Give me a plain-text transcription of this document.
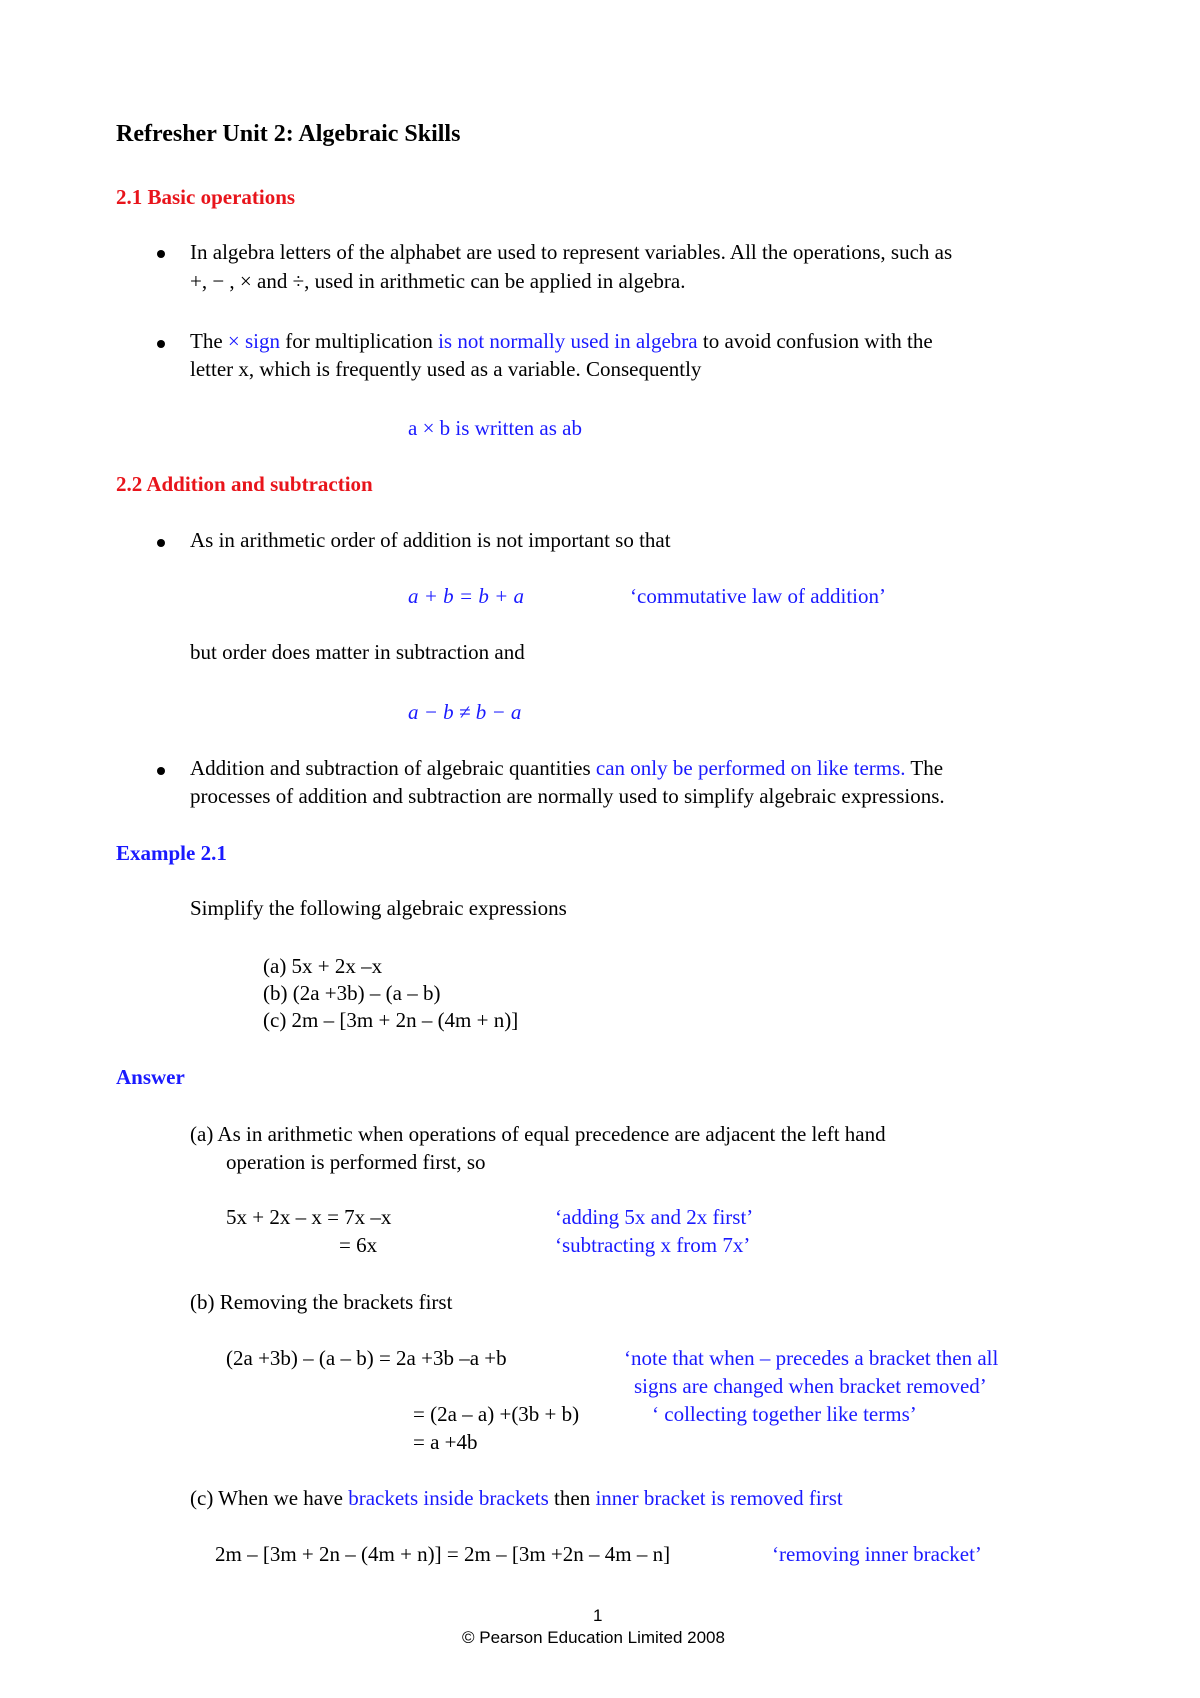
Refresher Unit 2: Algebraic Skills
2.1 Basic operations
In algebra letters of the alphabet are used to represent variables. All the operations, such as
+, − , × and ÷, used in arithmetic can be applied in algebra.
The × sign for multiplication is not normally used in algebra to avoid confusion with the
letter x, which is frequently used as a variable. Consequently
a × b is written as ab
2.2 Addition and subtraction
As in arithmetic order of addition is not important so that
a + b = b + a	‘commutative law of addition’
but order does matter in subtraction and
a − b ≠ b − a
Addition and subtraction of algebraic quantities can only be performed on like terms. The
processes of addition and subtraction are normally used to simplify algebraic expressions.
Example 2.1
Simplify the following algebraic expressions
(a) 5x + 2x –x
(b) (2a +3b) – (a – b)
(c) 2m – [3m + 2n – (4m + n)]
Answer
(a) As in arithmetic when operations of equal precedence are adjacent the left hand
operation is performed first, so
5x + 2x – x = 7x –x	‘adding 5x and 2x first’
= 6x	‘subtracting x from 7x’
(b) Removing the brackets first
(2a +3b) – (a – b) = 2a +3b –a +b	‘note that when – precedes a bracket then all
signs are changed when bracket removed’
= (2a – a) +(3b + b)	‘ collecting together like terms’
= a +4b
(c) When we have brackets inside brackets then inner bracket is removed first
2m – [3m + 2n – (4m + n)] = 2m – [3m +2n – 4m – n]	‘removing inner bracket’
1
© Pearson Education Limited 2008
